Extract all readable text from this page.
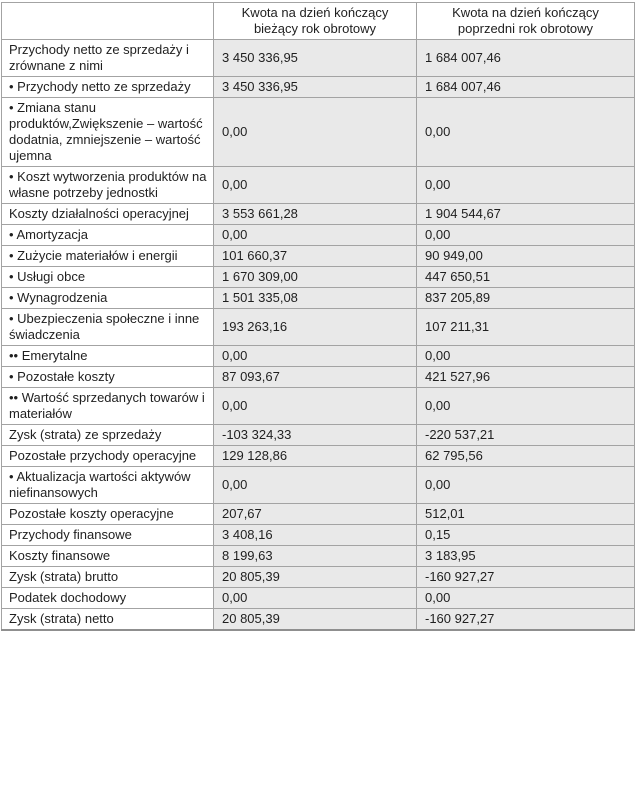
	Kwota na dzień kończący bieżący rok obrotowy	Kwota na dzień kończący poprzedni rok obrotowy
Przychody netto ze sprzedaży i zrównane z nimi	3 450 336,95	1 684 007,46
• Przychody netto ze sprzedaży	3 450 336,95	1 684 007,46
• Zmiana stanu produktów,Zwiększenie – wartość dodatnia, zmniejszenie – wartość ujemna	0,00	0,00
• Koszt wytworzenia produktów na własne potrzeby jednostki	0,00	0,00
Koszty działalności operacyjnej	3 553 661,28	1 904 544,67
• Amortyzacja	0,00	0,00
• Zużycie materiałów i energii	101 660,37	90 949,00
• Usługi obce	1 670 309,00	447 650,51
• Wynagrodzenia	1 501 335,08	837 205,89
• Ubezpieczenia społeczne i inne świadczenia	193 263,16	107 211,31
•• Emerytalne	0,00	0,00
• Pozostałe koszty	87 093,67	421 527,96
•• Wartość sprzedanych towarów i materiałów	0,00	0,00
Zysk (strata) ze sprzedaży	-103 324,33	-220 537,21
Pozostałe przychody operacyjne	129 128,86	62 795,56
• Aktualizacja wartości aktywów niefinansowych	0,00	0,00
Pozostałe koszty operacyjne	207,67	512,01
Przychody finansowe	3 408,16	0,15
Koszty finansowe	8 199,63	3 183,95
Zysk (strata) brutto	20 805,39	-160 927,27
Podatek dochodowy	0,00	0,00
Zysk (strata) netto	20 805,39	-160 927,27
